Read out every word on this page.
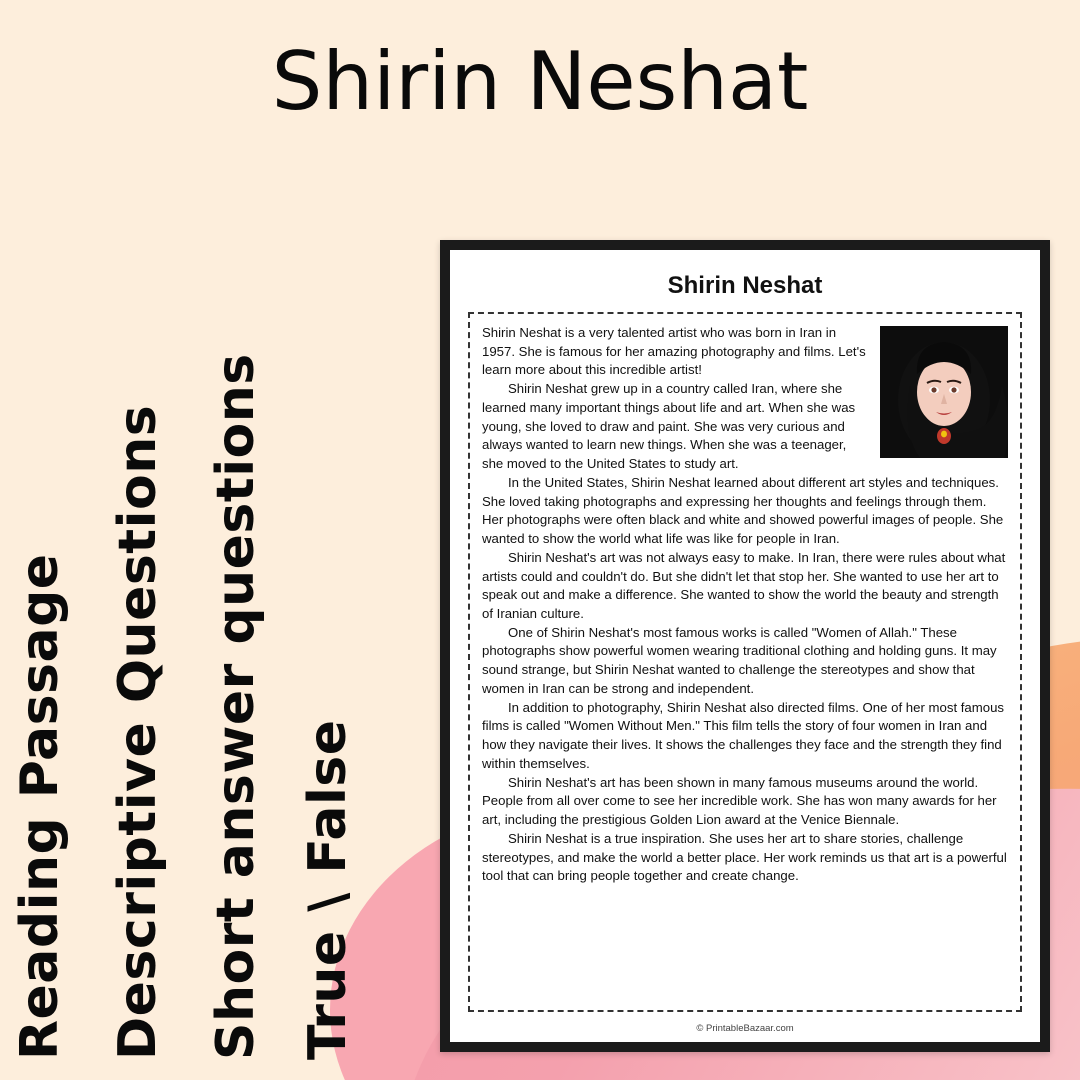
Shirin Neshat
Reading Passage Descriptive Questions Short answer questions True \ False
Shirin Neshat

Shirin Neshat is a very talented artist who was born in Iran in 1957. She is famous for her amazing photography and films. Let's learn more about this incredible artist!

Shirin Neshat grew up in a country called Iran, where she learned many important things about life and art. When she was young, she loved to draw and paint. She was very curious and always wanted to learn new things. When she was a teenager, she moved to the United States to study art.

In the United States, Shirin Neshat learned about different art styles and techniques. She loved taking photographs and expressing her thoughts and feelings through them. Her photographs were often black and white and showed powerful images of people. She wanted to show the world what life was like for people in Iran.

Shirin Neshat's art was not always easy to make. In Iran, there were rules about what artists could and couldn't do. But she didn't let that stop her. She wanted to use her art to speak out and make a difference. She wanted to show the world the beauty and strength of Iranian culture.

One of Shirin Neshat's most famous works is called "Women of Allah." These photographs show powerful women wearing traditional clothing and holding guns. It may sound strange, but Shirin Neshat wanted to challenge the stereotypes and show that women in Iran can be strong and independent.

In addition to photography, Shirin Neshat also directed films. One of her most famous films is called "Women Without Men." This film tells the story of four women in Iran and how they navigate their lives. It shows the challenges they face and the strength they find within themselves.

Shirin Neshat's art has been shown in many famous museums around the world. People from all over come to see her incredible work. She has won many awards for her art, including the prestigious Golden Lion award at the Venice Biennale.

Shirin Neshat is a true inspiration. She uses her art to share stories, challenge stereotypes, and make the world a better place. Her work reminds us that art is a powerful tool that can bring people together and create change.

© PrintableBazaar.com
